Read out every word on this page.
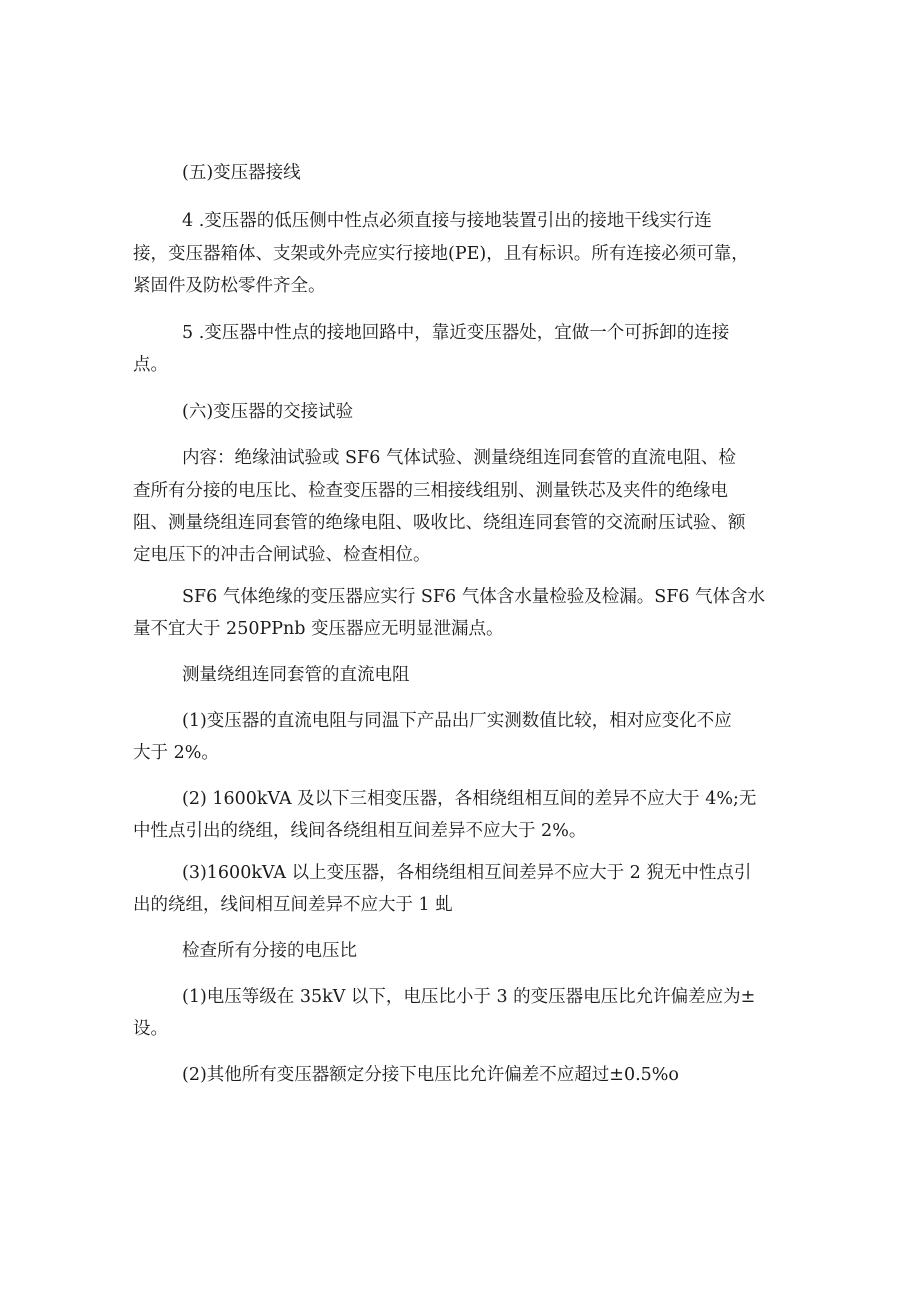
(五)变压器接线
4 .变压器的低压侧中性点必须直接与接地装置引出的接地干线实行连
接，变压器箱体、支架或外壳应实行接地(PE)，且有标识。所有连接必须可靠，
紧固件及防松零件齐全。
5 .变压器中性点的接地回路中，靠近变压器处，宜做一个可拆卸的连接
点。
(六)变压器的交接试验
内容：绝缘油试验或 SF6 气体试验、测量绕组连同套管的直流电阻、检
查所有分接的电压比、检查变压器的三相接线组别、测量铁芯及夹件的绝缘电
阻、测量绕组连同套管的绝缘电阻、吸收比、绕组连同套管的交流耐压试验、额
定电压下的冲击合闸试验、检查相位。
SF6 气体绝缘的变压器应实行 SF6 气体含水量检验及检漏。SF6 气体含水
量不宜大于 250PPnb 变压器应无明显泄漏点。
测量绕组连同套管的直流电阻
(1)变压器的直流电阻与同温下产品出厂实测数值比较，相对应变化不应
大于 2%。
(2) 1600kVA 及以下三相变压器，各相绕组相互间的差异不应大于 4%;无
中性点引出的绕组，线间各绕组相互间差异不应大于 2%。
(3)1600kVA 以上变压器，各相绕组相互间差异不应大于 2 猊无中性点引
出的绕组，线间相互间差异不应大于 1 虬
检查所有分接的电压比
(1)电压等级在 35kV 以下，电压比小于 3 的变压器电压比允许偏差应为±
设。
(2)其他所有变压器额定分接下电压比允许偏差不应超过±0.5%o
